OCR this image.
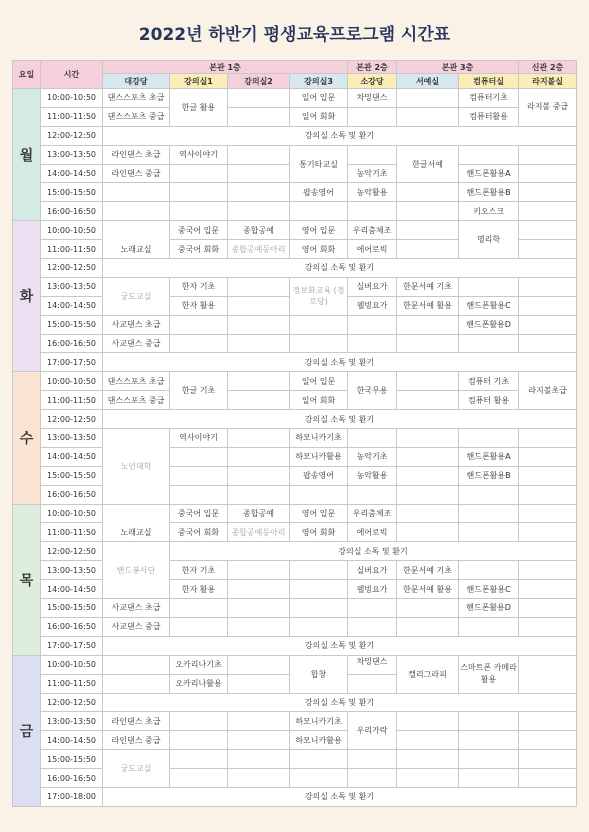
2022년 하반기 평생교육프로그램 시간표
요일	시간	본관 1층				본관 2층	본관 3층		신관 2층
		대강당	강의실1	강의실2	강의실3	소강당	서예실	컴퓨터실	라지볼실
월	10:00-10:50	댄스스포츠 초급	한글 활용		일어 입문	차밍댄스		컴퓨터기초	라지볼 중급
	11:00-11:50	댄스스포츠 중급			일어 회화			컴퓨터활용	
	12:00-12:50	강의실 소독 및 환기							
	13:00-13:50	라인댄스 초급	역사이야기		통기타교실		한글서예		
	14:00-14:50	라인댄스 중급				농악기초		핸드폰활용A	
	15:00-15:50				팝송영어	농악활용		핸드폰활용B	
	16:00-16:50							키오스크	
화	10:00-10:50	노래교실	중국어 입문	종합공예	영어 입문	우리춤체조		명리학	
	11:00-11:50		중국어 회화	종합공예동아리	영어 회화	에어로빅			
	12:00-12:50	강의실 소독 및 환기							
	13:00-13:50	궁도교실	한자 기초		정보화교육 (경로당)	실버요가	한문서예 기초		
	14:00-14:50		한자 활용			웰빙요가	한문서예 활용	핸드폰활용C	
	15:00-15:50	사교댄스 초급						핸드폰활용D	
	16:00-16:50	사교댄스 중급							
	17:00-17:50	강의실 소독 및 환기							
수	10:00-10:50	댄스스포츠 초급	한글 기초		일어 입문	한국무용		컴퓨터 기초	라지볼초급
	11:00-11:50	댄스스포츠 중급			일어 회화			컴퓨터 활용	
	12:00-12:50	강의실 소독 및 환기							
	13:00-13:50	노인대학	역사이야기		하모니카기초				
	14:00-14:50				하모니카활용	농악기초		핸드폰활용A	
	15:00-15:50				팝송영어	농악활용		핸드폰활용B	
	16:00-16:50								
목	10:00-10:50	노래교실	중국어 입문	종합공예	영어 입문	우리춤체조			
	11:00-11:50		중국어 회화	종합공예동아리	영어 회화	에어로빅			
	12:00-12:50	밴드봉사단	강의실 소독 및 환기						
	13:00-13:50		한자 기초			실버요가	한문서예 기초		
	14:00-14:50		한자 활용			웰빙요가	한문서예 활용	핸드폰활용C	
	15:00-15:50	사교댄스 초급						핸드폰활용D	
	16:00-16:50	사교댄스 중급							
	17:00-17:50	강의실 소독 및 환기							
금	10:00-10:50		오카리나기초		합창	차밍댄스	캘리그라피	스마트폰 카메라활용	
	11:00-11:50		오카리나활용						
	12:00-12:50	강의실 소독 및 환기							
	13:00-13:50	라인댄스 초급			하모니카기초	우리가락			
	14:00-14:50	라인댄스 중급			하모니카활용				
	15:00-15:50	궁도교실							
	16:00-16:50								
	17:00-18:00	강의실 소독 및 환기							
